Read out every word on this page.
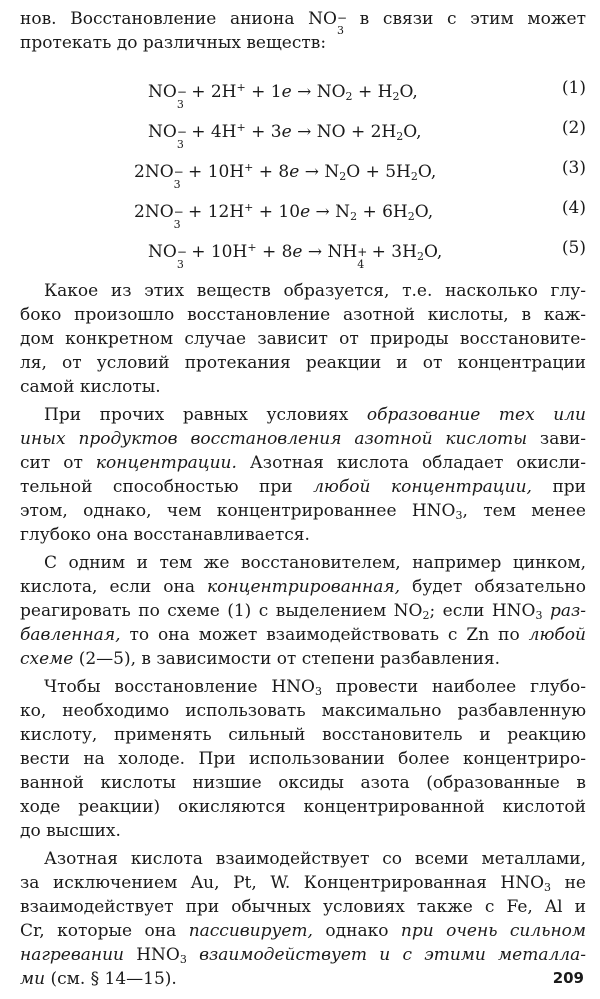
нов. Восстановление аниона NO −
3
в связи с этим может
протекать до различных веществ:
NO −
3
+ $2H^+ + 1e \to NO_2 + H_2O$,	(1)
NO −
3
+ 4H+ + 3e → NO + $2H_2O$,	(2)
2NO −
3
+ $10H^+ + 8e \to N_2O + 5H_2O$,	(3)
2NO −
3
+ $12H^+ + 10e \to N_2 + 6H_2O$,	(4)
NO −
3
+ 10H+ + 8e → NH +
4
+ $3H_2O$,	(5)
Какое из этих веществ образуется, т.е. насколько глу-
боко произошло восстановление азотной кислоты, в каж-
дом конкретном случае зависит от природы восстановите-
ля, от условий протекания реакции и от концентрации
самой кислоты.
При прочих равных условиях образование тех или
иных продуктов восстановления азотной кислоты зави-
сит от концентрации. Азотная кислота обладает окисли-
тельной способностью при любой концентрации, при
этом, однако, чем концентрированнее $HNO_3$, тем менее
глубоко она восстанавливается.
С одним и тем же восстановителем, например цинком,
кислота, если она концентрированная, будет обязательно
реагировать по схеме (1) с выделением $NO_2$; если $HNO_3$ раз-
бавленная, то она может взаимодействовать с Zn по любой
схеме (2—5), в зависимости от степени разбавления.
Чтобы восстановление $HNO_3$ провести наиболее глубо-
ко, необходимо использовать максимально разбавленную
кислоту, применять сильный восстановитель и реакцию
вести на холоде. При использовании более концентриро-
ванной кислоты низшие оксиды азота (образованные в
ходе реакции) окисляются концентрированной кислотой
до высших.
Азотная кислота взаимодействует со всеми металлами,
за исключением Au, Pt, W. Концентрированная $HNO_3$ не
взаимодействует при обычных условиях также с Fe, Al и
Cr, которые она пассивирует, однако при очень сильном
нагревании $HNO_3$ взаимодействует и с этими металла-
ми (см. § 14—15).	209
